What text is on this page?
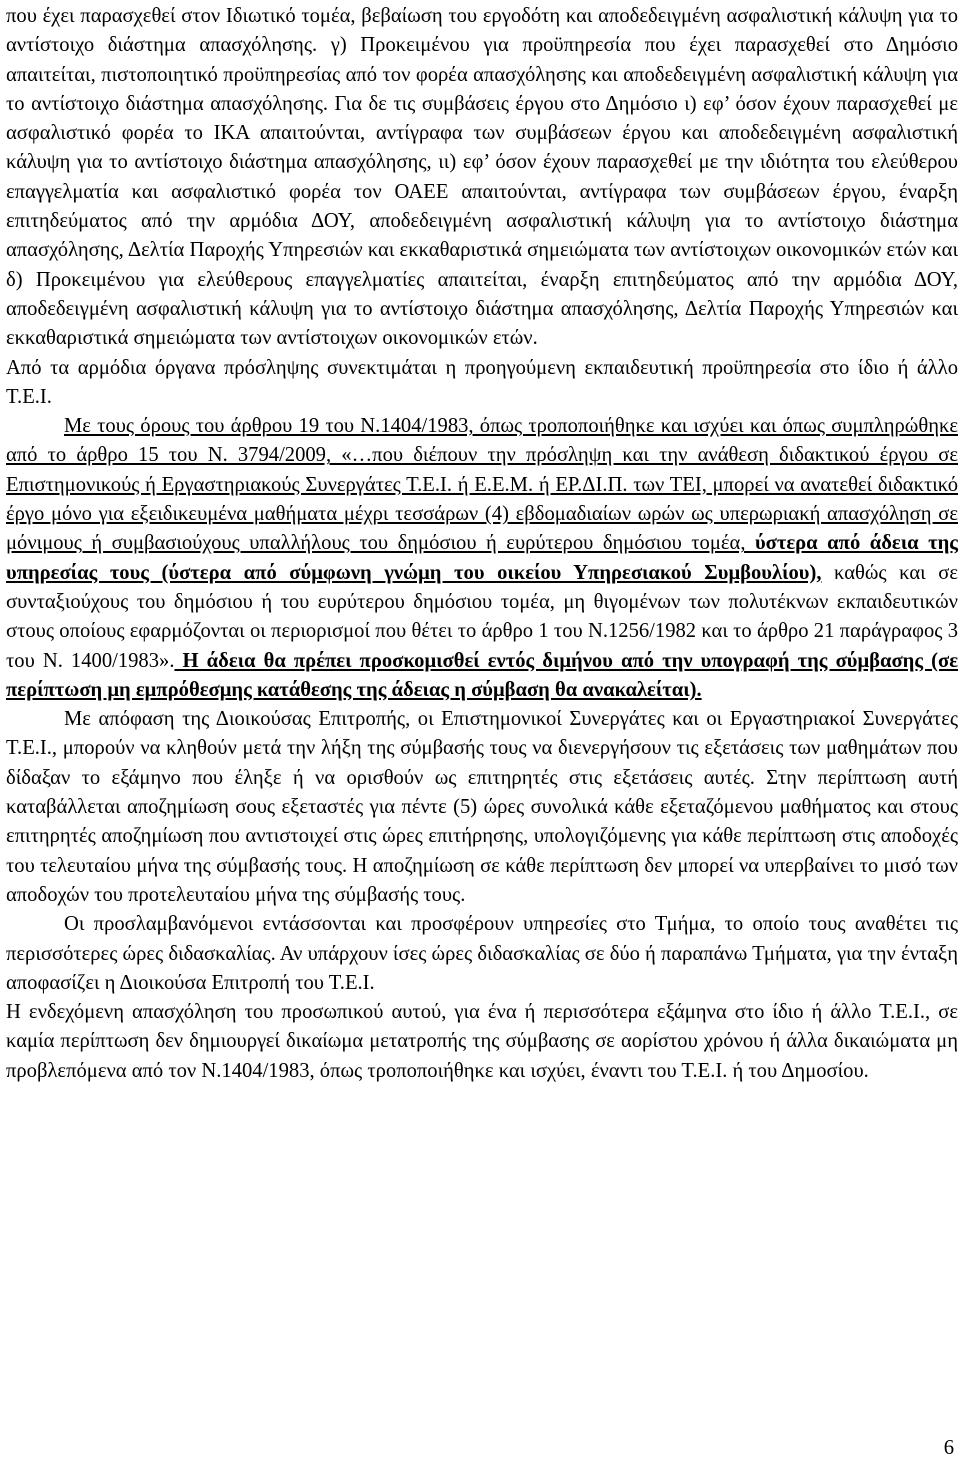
που έχει παρασχεθεί στον Ιδιωτικό τομέα, βεβαίωση του εργοδότη και αποδεδειγμένη ασφαλιστική κάλυψη για το αντίστοιχο διάστημα απασχόλησης. γ) Προκειμένου για προϋπηρεσία που έχει παρασχεθεί στο Δημόσιο απαιτείται, πιστοποιητικό προϋπηρεσίας από τον φορέα απασχόλησης και αποδεδειγμένη ασφαλιστική κάλυψη για το αντίστοιχο διάστημα απασχόλησης. Για δε τις συμβάσεις έργου στο Δημόσιο ι) εφ’ όσον έχουν παρασχεθεί με ασφαλιστικό φορέα το ΙΚΑ απαιτούνται, αντίγραφα των συμβάσεων έργου και αποδεδειγμένη ασφαλιστική κάλυψη για το αντίστοιχο διάστημα απασχόλησης, ιι) εφ’ όσον έχουν παρασχεθεί με την ιδιότητα του ελεύθερου επαγγελματία και ασφαλιστικό φορέα τον ΟΑΕΕ απαιτούνται, αντίγραφα των συμβάσεων έργου, έναρξη επιτηδεύματος από την αρμόδια ΔΟΥ, αποδεδειγμένη ασφαλιστική κάλυψη για το αντίστοιχο διάστημα απασχόλησης, Δελτία Παροχής Υπηρεσιών και εκκαθαριστικά σημειώματα των αντίστοιχων οικονομικών ετών και δ) Προκειμένου για ελεύθερους επαγγελματίες απαιτείται, έναρξη επιτηδεύματος από την αρμόδια ΔΟΥ, αποδεδειγμένη ασφαλιστική κάλυψη για το αντίστοιχο διάστημα απασχόλησης, Δελτία Παροχής Υπηρεσιών και εκκαθαριστικά σημειώματα των αντίστοιχων οικονομικών ετών.

Από τα αρμόδια όργανα πρόσληψης συνεκτιμάται η προηγούμενη εκπαιδευτική προϋπηρεσία στο ίδιο ή άλλο Τ.Ε.Ι.

Με τους όρους του άρθρου 19 του Ν.1404/1983, όπως τροποποιήθηκε και ισχύει και όπως συμπληρώθηκε από το άρθρο 15 του Ν. 3794/2009, «…που διέπουν την πρόσληψη και την ανάθεση διδακτικού έργου σε Επιστημονικούς ή Εργαστηριακούς Συνεργάτες Τ.Ε.Ι. ή Ε.Ε.Μ. ή ΕΡ.ΔΙ.Π. των ΤΕΙ, μπορεί να ανατεθεί διδακτικό έργο μόνο για εξειδικευμένα μαθήματα μέχρι τεσσάρων (4) εβδομαδιαίων ωρών ως υπερωριακή απασχόληση σε μόνιμους ή συμβασιούχους υπαλλήλους του δημόσιου ή ευρύτερου δημόσιου τομέα, ύστερα από άδεια της υπηρεσίας τους (ύστερα από σύμφωνη γνώμη του οικείου Υπηρεσιακού Συμβουλίου), καθώς και σε συνταξιούχους του δημόσιου ή του ευρύτερου δημόσιου τομέα, μη θιγομένων των πολυτέκνων εκπαιδευτικών στους οποίους εφαρμόζονται οι περιορισμοί που θέτει το άρθρο 1 του Ν.1256/1982 και το άρθρο 21 παράγραφος 3 του Ν. 1400/1983». Η άδεια θα πρέπει προσκομισθεί εντός διμήνου από την υπογραφή της σύμβασης (σε περίπτωση μη εμπρόθεσμης κατάθεσης της άδειας η σύμβαση θα ανακαλείται).

Με απόφαση της Διοικούσας Επιτροπής, οι Επιστημονικοί Συνεργάτες και οι Εργαστηριακοί Συνεργάτες Τ.Ε.Ι., μπορούν να κληθούν μετά την λήξη της σύμβασής τους να διενεργήσουν τις εξετάσεις των μαθημάτων που δίδαξαν το εξάμηνο που έληξε ή να ορισθούν ως επιτηρητές στις εξετάσεις αυτές. Στην περίπτωση αυτή καταβάλλεται αποζημίωση σους εξεταστές για πέντε (5) ώρες συνολικά κάθε εξεταζόμενου μαθήματος και στους επιτηρητές αποζημίωση που αντιστοιχεί στις ώρες επιτήρησης, υπολογιζόμενης για κάθε περίπτωση στις αποδοχές του τελευταίου μήνα της σύμβασής τους. Η αποζημίωση σε κάθε περίπτωση δεν μπορεί να υπερβαίνει το μισό των αποδοχών του προτελευταίου μήνα της σύμβασής τους.

Οι προσλαμβανόμενοι εντάσσονται και προσφέρουν υπηρεσίες στο Τμήμα, το οποίο τους αναθέτει τις περισσότερες ώρες διδασκαλίας. Αν υπάρχουν ίσες ώρες διδασκαλίας σε δύο ή παραπάνω Τμήματα, για την ένταξη αποφασίζει η Διοικούσα Επιτροπή του Τ.Ε.Ι.

Η ενδεχόμενη απασχόληση του προσωπικού αυτού, για ένα ή περισσότερα εξάμηνα στο ίδιο ή άλλο Τ.Ε.Ι., σε καμία περίπτωση δεν δημιουργεί δικαίωμα μετατροπής της σύμβασης σε αορίστου χρόνου ή άλλα δικαιώματα μη προβλεπόμενα από τον Ν.1404/1983, όπως τροποποιήθηκε και ισχύει, έναντι του Τ.Ε.Ι. ή του Δημοσίου.

6
